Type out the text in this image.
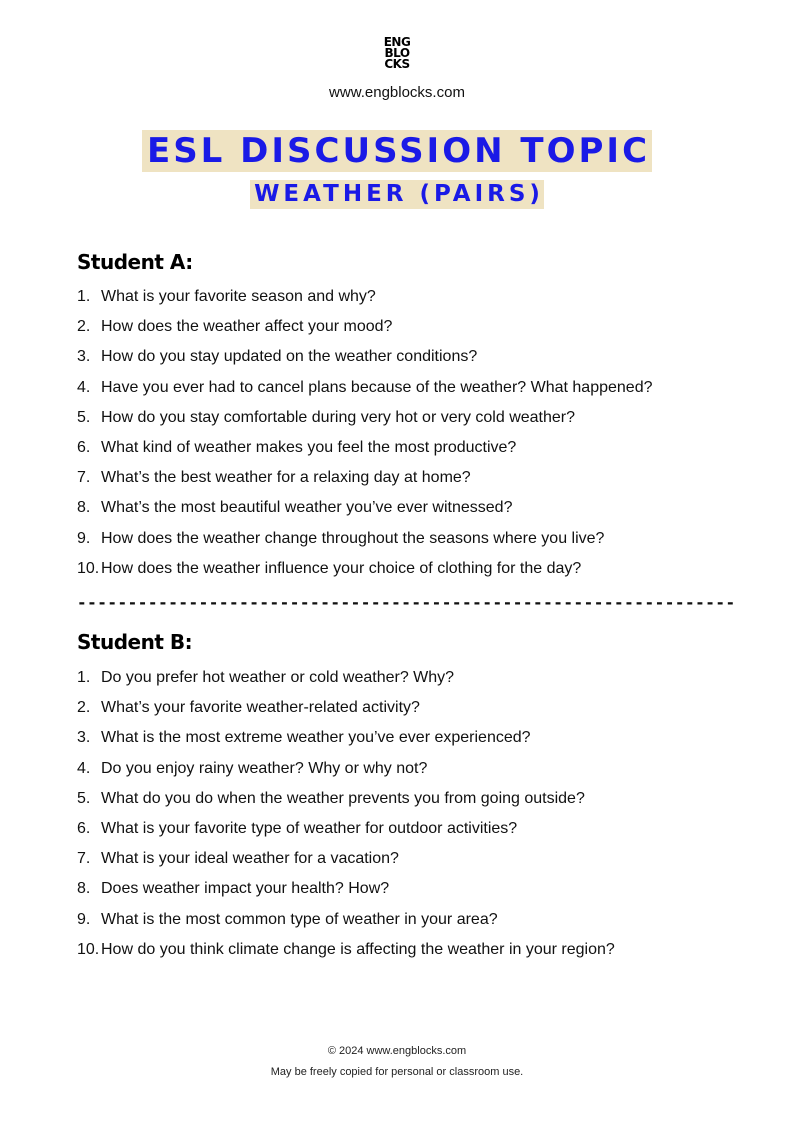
ENG
BLO
CKS
www.engblocks.com
ESL DISCUSSION TOPIC
WEATHER (PAIRS)
Student A:
1. What is your favorite season and why?
2. How does the weather affect your mood?
3. How do you stay updated on the weather conditions?
4. Have you ever had to cancel plans because of the weather? What happened?
5. How do you stay comfortable during very hot or very cold weather?
6. What kind of weather makes you feel the most productive?
7. What’s the best weather for a relaxing day at home?
8. What’s the most beautiful weather you’ve ever witnessed?
9. How does the weather change throughout the seasons where you live?
10. How does the weather influence your choice of clothing for the day?
-----------------------------------------------------------------
Student B:
1. Do you prefer hot weather or cold weather? Why?
2. What’s your favorite weather-related activity?
3. What is the most extreme weather you’ve ever experienced?
4. Do you enjoy rainy weather? Why or why not?
5. What do you do when the weather prevents you from going outside?
6. What is your favorite type of weather for outdoor activities?
7. What is your ideal weather for a vacation?
8. Does weather impact your health? How?
9. What is the most common type of weather in your area?
10. How do you think climate change is affecting the weather in your region?
© 2024 www.engblocks.com
May be freely copied for personal or classroom use.
